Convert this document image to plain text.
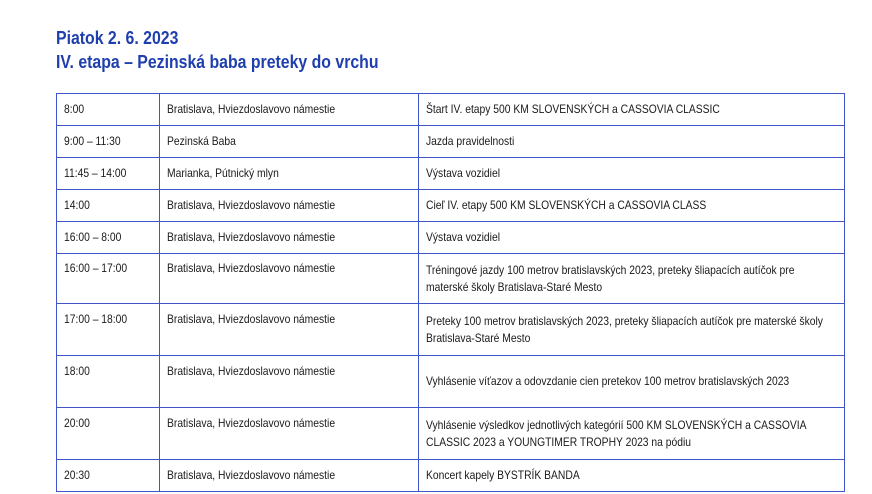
Piatok 2. 6. 2023
IV. etapa – Pezinská baba preteky do vrchu
8:00	Bratislava, Hviezdoslavovo námestie	Štart IV. etapy 500 KM SLOVENSKÝCH a CASSOVIA CLASSIC

9:00 – 11:30	Pezinská Baba	Jazda pravidelnosti

11:45 – 14:00	Marianka, Pútnický mlyn	Výstava vozidiel

14:00	Bratislava, Hviezdoslavovo námestie	Cieľ IV. etapy 500 KM SLOVENSKÝCH a CASSOVIA CLASS

16:00 – 8:00	Bratislava, Hviezdoslavovo námestie	Výstava vozidiel

16:00 – 17:00	Bratislava, Hviezdoslavovo námestie	Tréningové jazdy 100 metrov bratislavských 2023, preteky šliapacích autíčok pre materské školy Bratislava-Staré Mesto

17:00 – 18:00	Bratislava, Hviezdoslavovo námestie	Preteky 100 metrov bratislavských 2023, preteky šliapacích autíčok pre materské školy Bratislava-Staré Mesto

18:00	Bratislava, Hviezdoslavovo námestie	Vyhlásenie víťazov a odovzdanie cien pretekov 100 metrov bratislavských 2023

20:00	Bratislava, Hviezdoslavovo námestie	Vyhlásenie výsledkov jednotlivých kategórií 500 KM SLOVENSKÝCH a CASSOVIA CLASSIC 2023 a YOUNGTIMER TROPHY 2023 na pódiu

20:30	Bratislava, Hviezdoslavovo námestie	Koncert kapely BYSTRÍK BANDA
